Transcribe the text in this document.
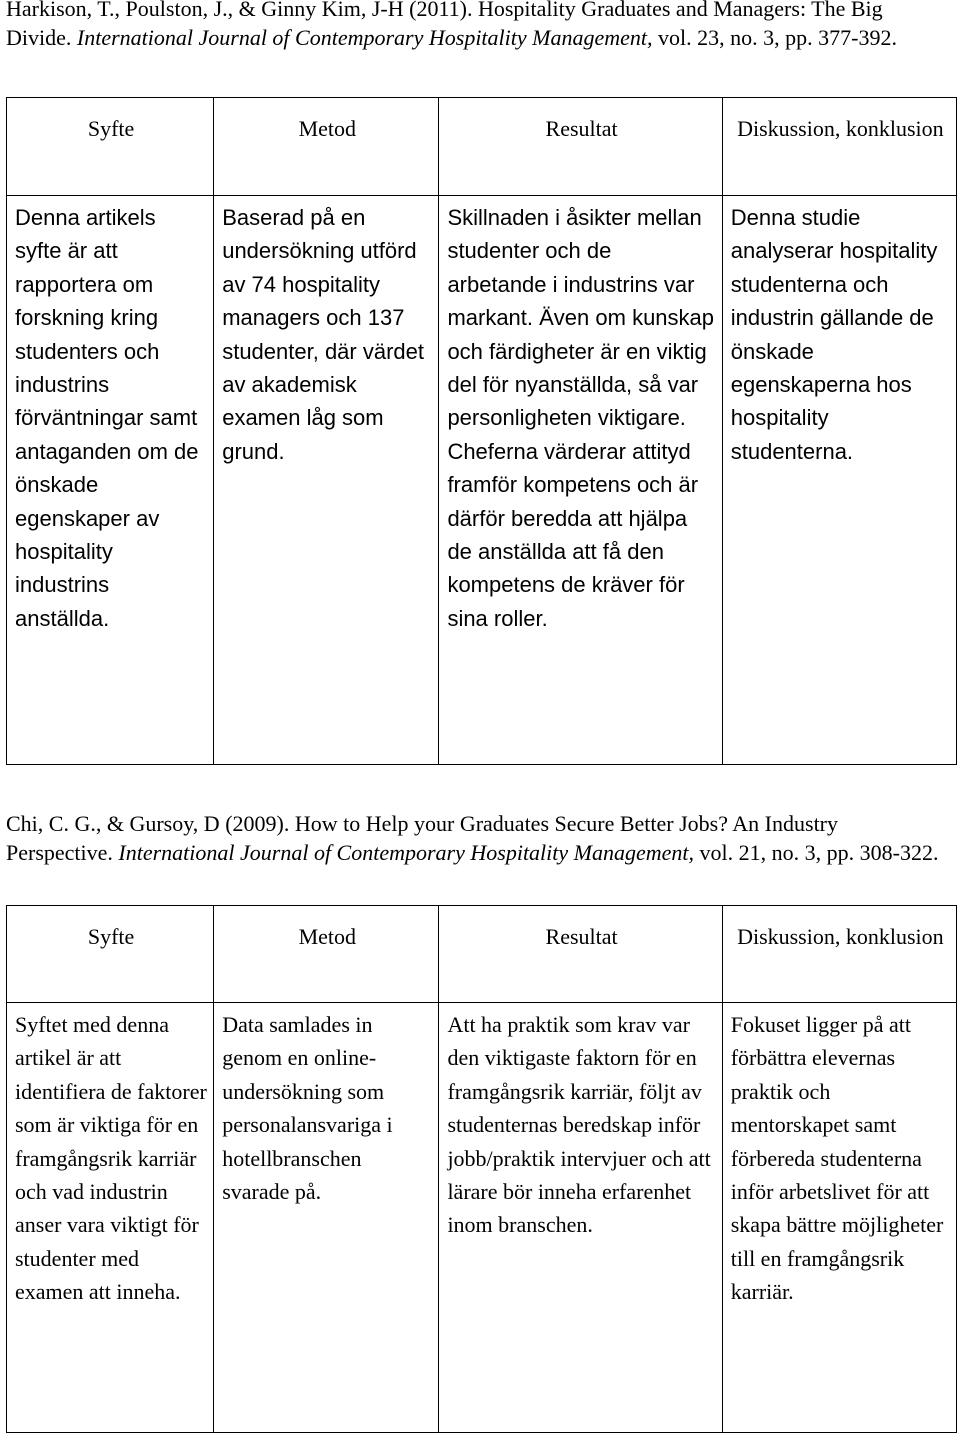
Harkison, T., Poulston, J., & Ginny Kim, J-H (2011). Hospitality Graduates and Managers: The Big Divide. International Journal of Contemporary Hospitality Management, vol. 23, no. 3, pp. 377-392.

Syfte	Metod	Resultat	Diskussion, konklusion
Denna artikels syfte är att rapportera om forskning kring studenters och industrins förväntningar samt antaganden om de önskade egenskaper av hospitality industrins anställda.	Baserad på en undersökning utförd av 74 hospitality managers och 137 studenter, där värdet av akademisk examen låg som grund.	Skillnaden i åsikter mellan studenter och de arbetande i industrins var markant. Även om kunskap och färdigheter är en viktig del för nyanställda, så var personligheten viktigare. Cheferna värderar attityd framför kompetens och är därför beredda att hjälpa de anställda att få den kompetens de kräver för sina roller.	Denna studie analyserar hospitality studenterna och industrin gällande de önskade egenskaperna hos hospitality studenterna.

Chi, C. G., & Gursoy, D (2009). How to Help your Graduates Secure Better Jobs? An Industry Perspective. International Journal of Contemporary Hospitality Management, vol. 21, no. 3, pp. 308-322.

Syfte	Metod	Resultat	Diskussion, konklusion
Syftet med denna artikel är att identifiera de faktorer som är viktiga för en framgångsrik karriär och vad industrin anser vara viktigt för studenter med examen att inneha.	Data samlades in genom en online-undersökning som personalansvariga i hotellbranschen svarade på.	Att ha praktik som krav var den viktigaste faktorn för en framgångsrik karriär, följt av studenternas beredskap inför jobb/praktik intervjuer och att lärare bör inneha erfarenhet inom branschen.	Fokuset ligger på att förbättra elevernas praktik och mentorskapet samt förbereda studenterna inför arbetslivet för att skapa bättre möjligheter till en framgångsrik karriär.
